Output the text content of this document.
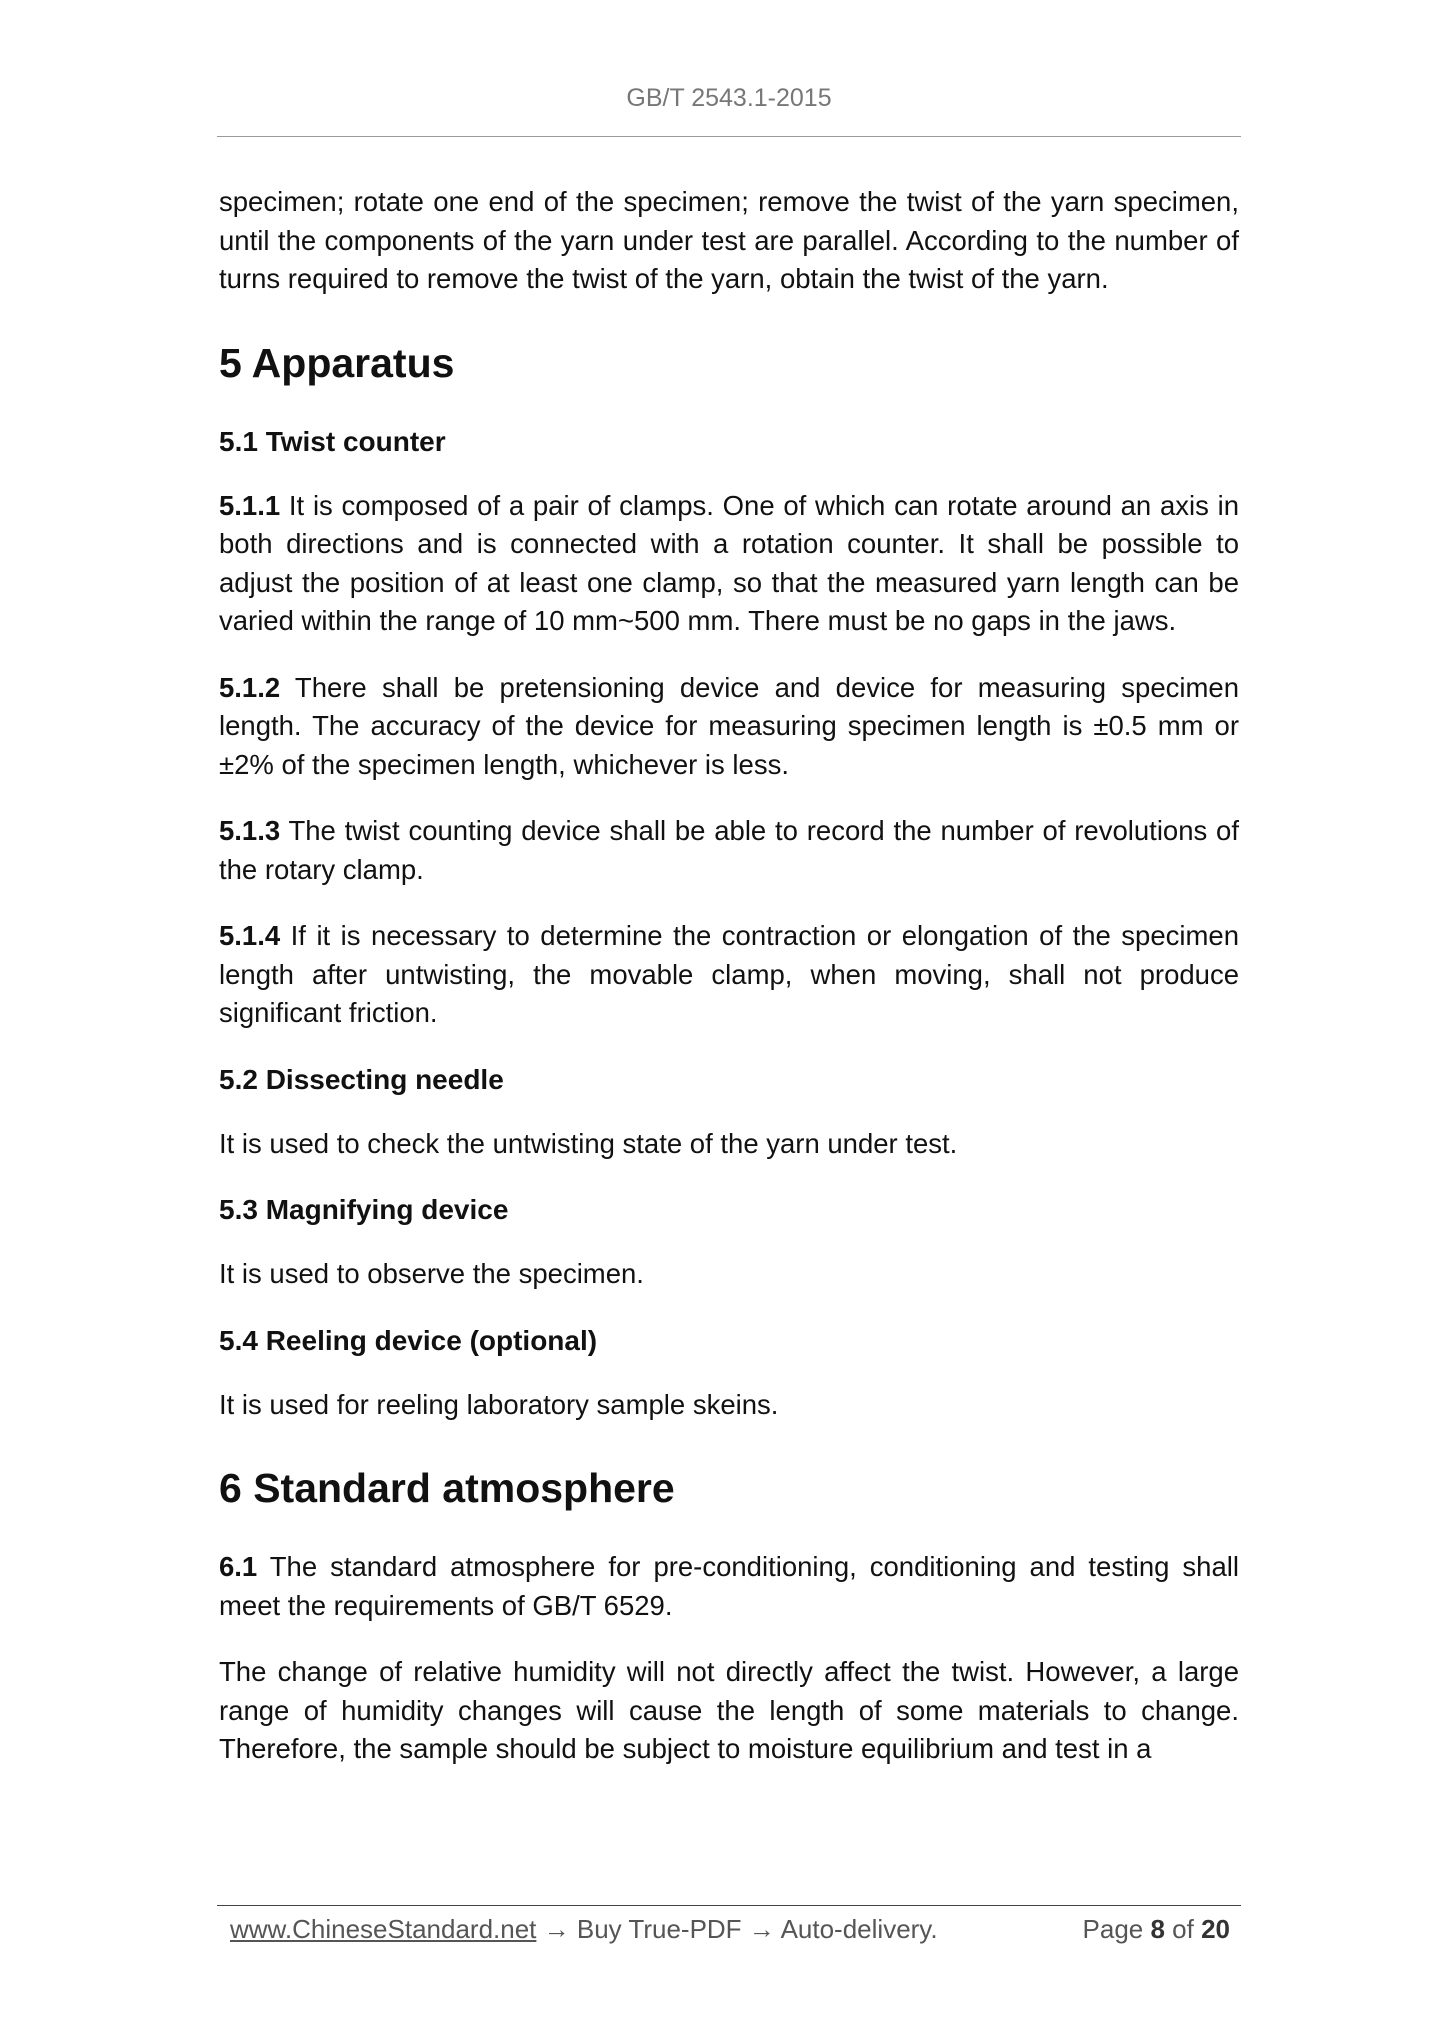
GB/T 2543.1-2015

specimen; rotate one end of the specimen; remove the twist of the yarn specimen, until the components of the yarn under test are parallel. According to the number of turns required to remove the twist of the yarn, obtain the twist of the yarn.

5 Apparatus
5.1 Twist counter

5.1.1 It is composed of a pair of clamps. One of which can rotate around an axis in both directions and is connected with a rotation counter. It shall be possible to adjust the position of at least one clamp, so that the measured yarn length can be varied within the range of 10 mm~500 mm. There must be no gaps in the jaws.

5.1.2 There shall be pretensioning device and device for measuring specimen length. The accuracy of the device for measuring specimen length is ±0.5 mm or ±2% of the specimen length, whichever is less.

5.1.3 The twist counting device shall be able to record the number of revolutions of the rotary clamp.

5.1.4 If it is necessary to determine the contraction or elongation of the specimen length after untwisting, the movable clamp, when moving, shall not produce significant friction.

5.2 Dissecting needle

It is used to check the untwisting state of the yarn under test.

5.3 Magnifying device

It is used to observe the specimen.

5.4 Reeling device (optional)

It is used for reeling laboratory sample skeins.

6 Standard atmosphere

6.1 The standard atmosphere for pre-conditioning, conditioning and testing shall meet the requirements of GB/T 6529.

The change of relative humidity will not directly affect the twist. However, a large range of humidity changes will cause the length of some materials to change. Therefore, the sample should be subject to moisture equilibrium and test in a

www.ChineseStandard.net → Buy True-PDF → Auto-delivery.	Page 8 of 20
